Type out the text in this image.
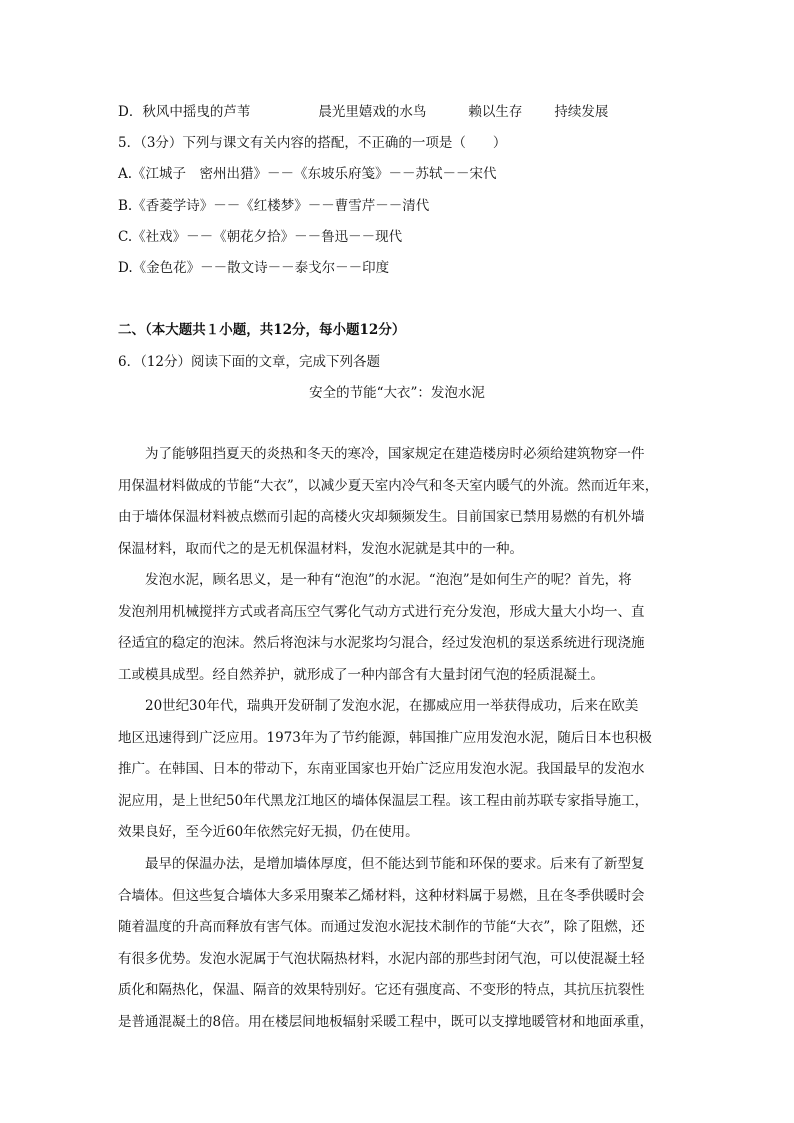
D． 秋风中摇曳的芦苇	晨光里嬉戏的水鸟	赖以生存	持续发展
5．（3分）下列与课文有关内容的搭配，不正确的一项是（　　）
A.《江城子　密州出猎》－－《东坡乐府笺》－－苏轼－－宋代
B.《香菱学诗》－－《红楼梦》－－曹雪芹－－清代
C.《社戏》－－《朝花夕拾》－－鲁迅－－现代
D.《金色花》－－散文诗－－泰戈尔－－印度
二、（本大题共１小题，共12分，每小题12分）
6．（12分）阅读下面的文章，完成下列各题
安全的节能“大衣”：发泡水泥
　　为了能够阻挡夏天的炎热和冬天的寒冷，国家规定在建造楼房时必须给建筑物穿一件
用保温材料做成的节能“大衣”，以减少夏天室内冷气和冬天室内暖气的外流。然而近年来，
由于墙体保温材料被点燃而引起的高楼火灾却频频发生。目前国家已禁用易燃的有机外墙
保温材料，取而代之的是无机保温材料，发泡水泥就是其中的一种。
　　发泡水泥，顾名思义，是一种有“泡泡”的水泥。“泡泡”是如何生产的呢？首先，将
发泡剂用机械搅拌方式或者高压空气雾化气动方式进行充分发泡，形成大量大小均一、直
径适宜的稳定的泡沫。然后将泡沫与水泥浆均匀混合，经过发泡机的泵送系统进行现浇施
工或模具成型。经自然养护，就形成了一种内部含有大量封闭气泡的轻质混凝土。
　　20世纪30年代，瑞典开发研制了发泡水泥，在挪威应用一举获得成功，后来在欧美
地区迅速得到广泛应用。1973年为了节约能源，韩国推广应用发泡水泥，随后日本也积极
推广。在韩国、日本的带动下，东南亚国家也开始广泛应用发泡水泥。我国最早的发泡水
泥应用，是上世纪50年代黑龙江地区的墙体保温层工程。该工程由前苏联专家指导施工，
效果良好，至今近60年依然完好无损，仍在使用。
　　最早的保温办法，是增加墙体厚度，但不能达到节能和环保的要求。后来有了新型复
合墙体。但这些复合墙体大多采用聚苯乙烯材料，这种材料属于易燃，且在冬季供暖时会
随着温度的升高而释放有害气体。而通过发泡水泥技术制作的节能“大衣”，除了阻燃，还
有很多优势。发泡水泥属于气泡状隔热材料，水泥内部的那些封闭气泡，可以使混凝土轻
质化和隔热化，保温、隔音的效果特别好。它还有强度高、不变形的特点，其抗压抗裂性
是普通混凝土的8倍。用在楼层间地板辐射采暖工程中，既可以支撑地暖管材和地面承重，
